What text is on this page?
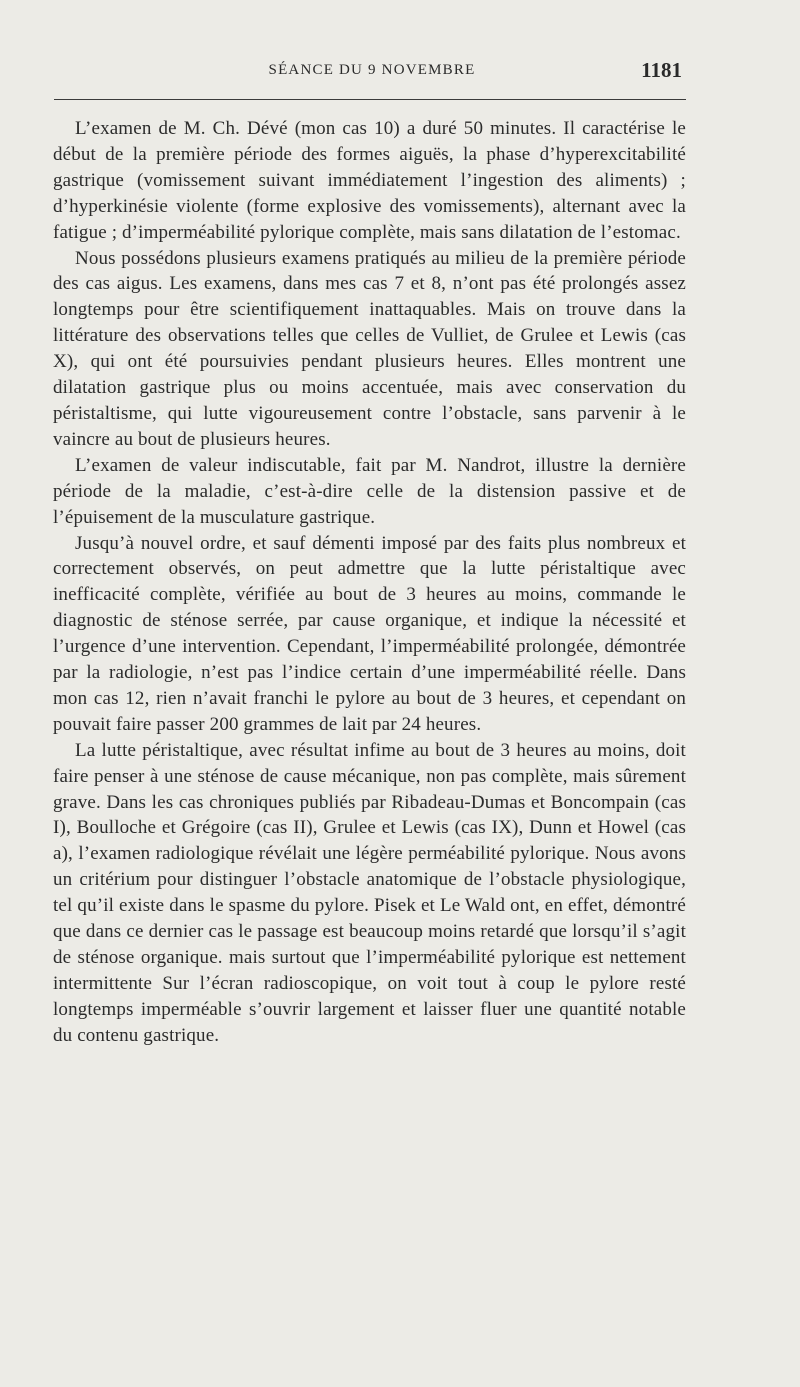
SÉANCE DU 9 NOVEMBRE	1181

L’examen de M. Ch. Dévé (mon cas 10) a duré 50 minutes. Il caractérise le début de la première période des formes aiguës, la phase d’hyperexcitabilité gastrique (vomissement suivant immédiatement l’ingestion des aliments) ; d’hyperkinésie violente (forme explosive des vomissements), alternant avec la fatigue ; d’imperméabilité pylorique complète, mais sans dilatation de l’estomac.

Nous possédons plusieurs examens pratiqués au milieu de la première période des cas aigus. Les examens, dans mes cas 7 et 8, n’ont pas été prolongés assez longtemps pour être scientifiquement inattaquables. Mais on trouve dans la littérature des observations telles que celles de Vulliet, de Grulee et Lewis (cas X), qui ont été poursuivies pendant plusieurs heures. Elles montrent une dilatation gastrique plus ou moins accentuée, mais avec conservation du péristaltisme, qui lutte vigoureusement contre l’obstacle, sans parvenir à le vaincre au bout de plusieurs heures.

L’examen de valeur indiscutable, fait par M. Nandrot, illustre la dernière période de la maladie, c’est-à-dire celle de la distension passive et de l’épuisement de la musculature gastrique.

Jusqu’à nouvel ordre, et sauf démenti imposé par des faits plus nombreux et correctement observés, on peut admettre que la lutte péristaltique avec inefficacité complète, vérifiée au bout de 3 heures au moins, commande le diagnostic de sténose serrée, par cause organique, et indique la nécessité et l’urgence d’une intervention. Cependant, l’imperméabilité prolongée, démontrée par la radiologie, n’est pas l’indice certain d’une imperméabilité réelle. Dans mon cas 12, rien n’avait franchi le pylore au bout de 3 heures, et cependant on pouvait faire passer 200 grammes de lait par 24 heures.

La lutte péristaltique, avec résultat infime au bout de 3 heures au moins, doit faire penser à une sténose de cause mécanique, non pas complète, mais sûrement grave. Dans les cas chroniques publiés par Ribadeau-Dumas et Boncompain (cas I), Boulloche et Grégoire (cas II), Grulee et Lewis (cas IX), Dunn et Howel (cas a), l’examen radiologique révélait une légère perméabilité pylorique. Nous avons un critérium pour distinguer l’obstacle anatomique de l’obstacle physiologique, tel qu’il existe dans le spasme du pylore. Pisek et Le Wald ont, en effet, démontré que dans ce dernier cas le passage est beaucoup moins retardé que lorsqu’il s’agit de sténose organique. mais surtout que l’imperméabilité pylorique est nettement intermittente Sur l’écran radioscopique, on voit tout à coup le pylore resté longtemps imperméable s’ouvrir largement et laisser fluer une quantité notable du contenu gastrique.
